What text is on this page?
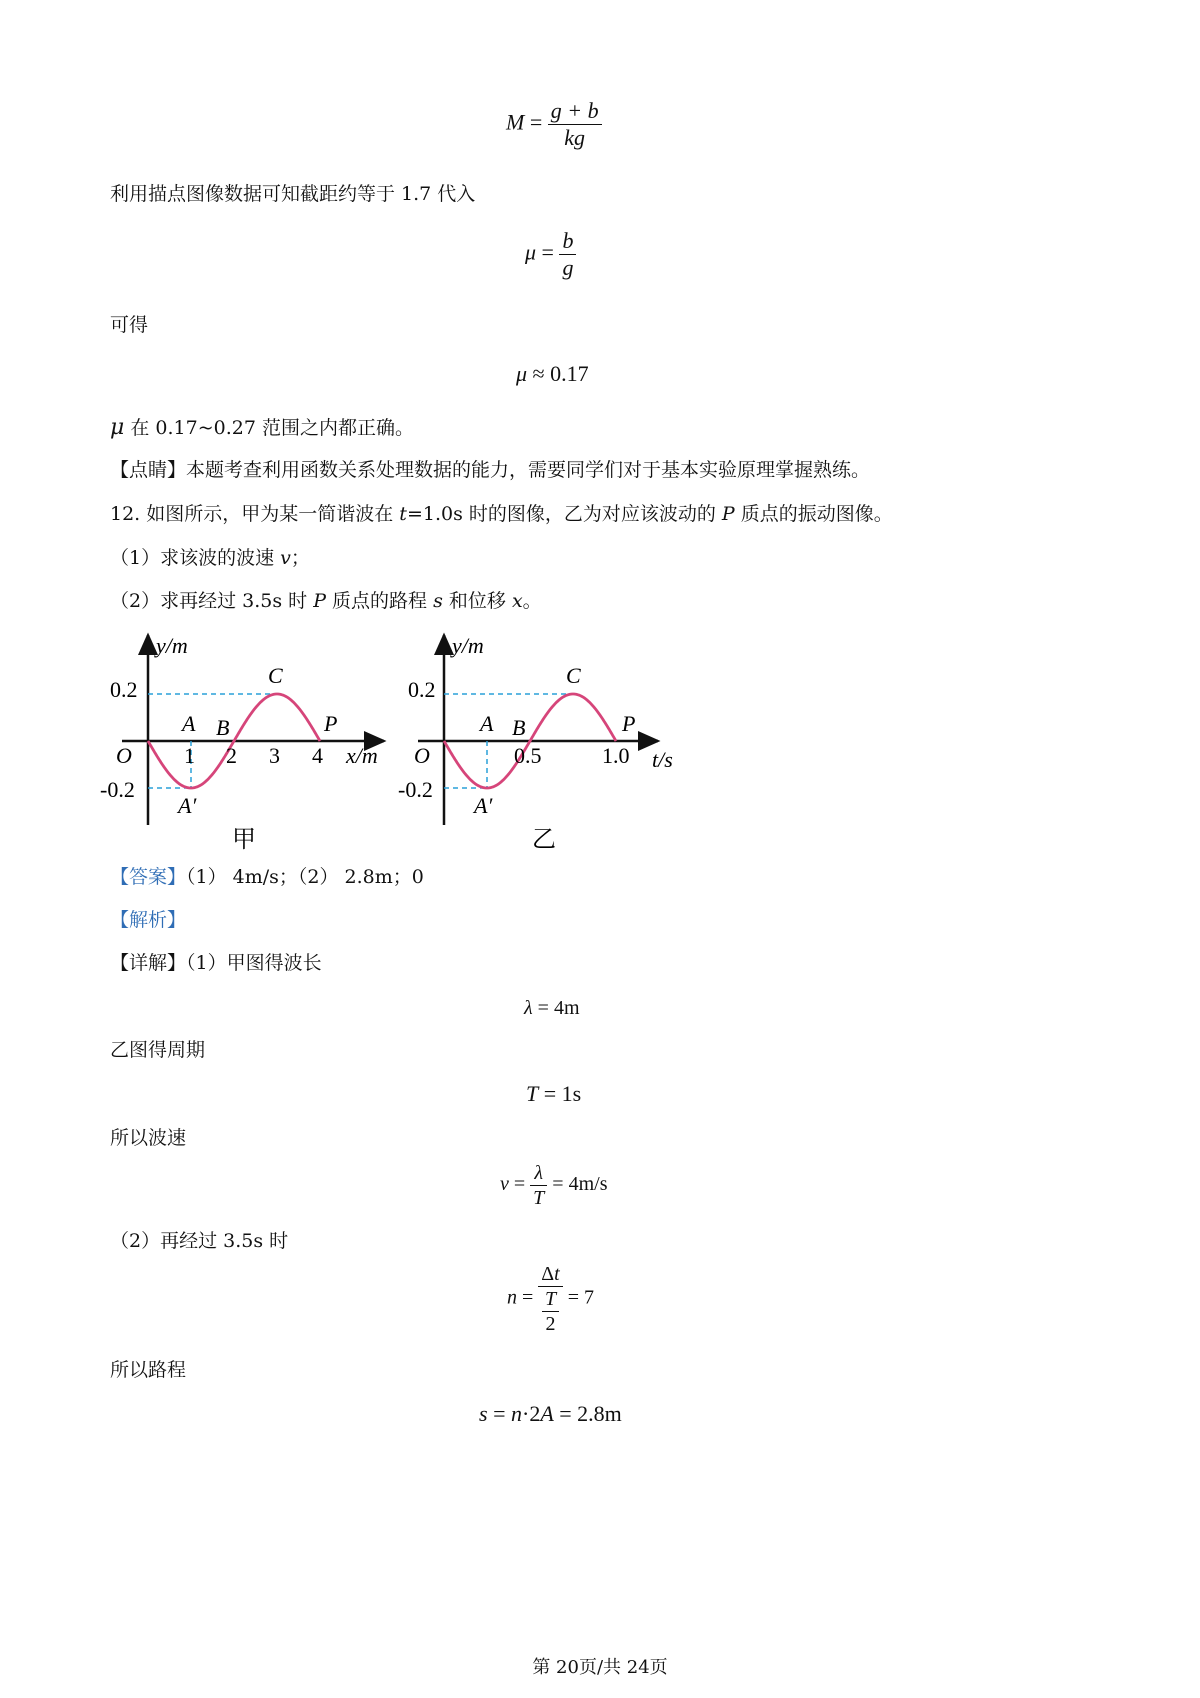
$M = \frac{g + b}{kg}$
利用描点图像数据可知截距约等于 1.7 代入
$\mu = \frac{b}{g}$
可得
μ ≈ 0.17
μ 在 0.17~0.27 范围之内都正确。
【点睛】本题考查利用函数关系处理数据的能力，需要同学们对于基本实验原理掌握熟练。
12. 如图所示，甲为某一简谐波在 t=1.0s 时的图像，乙为对应该波动的 P 质点的振动图像。
（1）求该波的波速 v；
（2）求再经过 3.5s 时 P 质点的路程 s 和位移 x。
y/m
x/m
O
0.2
-0.2
1 2 3 4
A B
C
P
A′
甲
y/m
t/s
O
0.2
-0.2
0.5	1.0
A B
C
P
A′
乙
【答案】（1） 4m/s；（2） 2.8m；0
【解析】
【详解】（1）甲图得波长
λ = 4m
乙图得周期
T = 1s
所以波速
$v = \frac{\lambda}{T} = 4m/s$
（2）再经过 3.5s 时
$n = \frac{\Delta t}{\frac{T}{2}} = 7$
所以路程
s = n·2A = 2.8m
第 20页/共 24页
